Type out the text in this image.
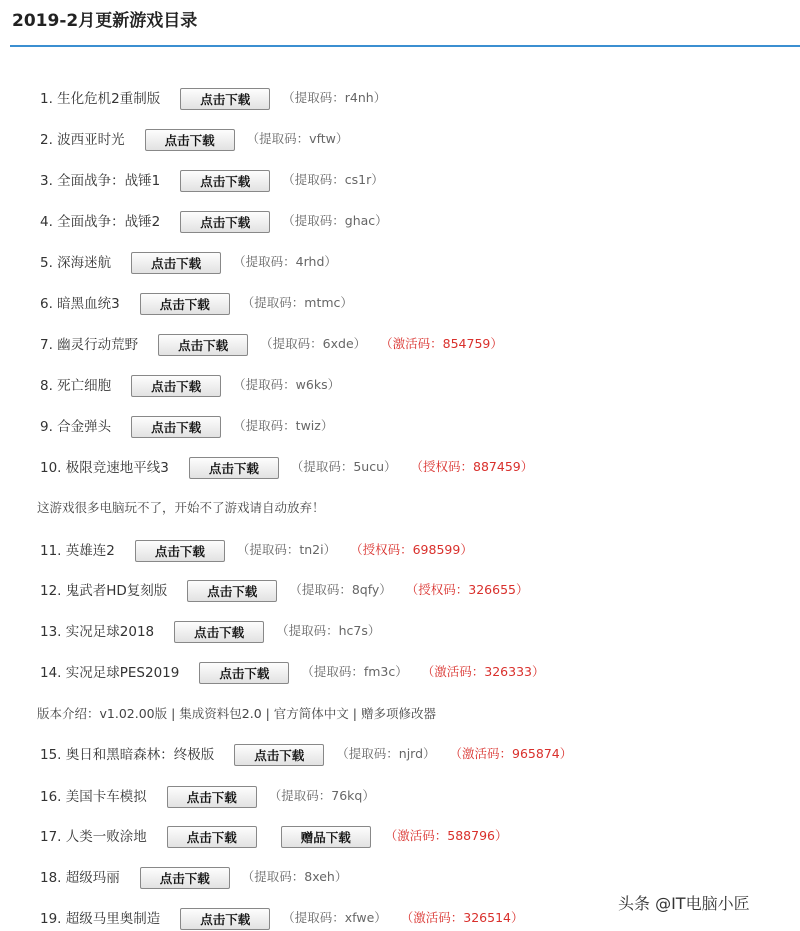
2019-2月更新游戏目录
1. 生化危机2重制版	点击下载	（提取码：r4nh）
2. 波西亚时光	点击下载	（提取码：vftw）
3. 全面战争：战锤1	点击下载	（提取码：cs1r）
4. 全面战争：战锤2	点击下载	（提取码：ghac）
5. 深海迷航	点击下载	（提取码：4rhd）
6. 暗黑血统3	点击下载	（提取码：mtmc）
7. 幽灵行动荒野	点击下载	（提取码：6xde） （激活码：854759）
8. 死亡细胞	点击下载	（提取码：w6ks）
9. 合金弹头	点击下载	（提取码：twiz）
10. 极限竞速地平线3	点击下载	（提取码：5ucu） （授权码：887459）
这游戏很多电脑玩不了，开始不了游戏请自动放弃！
11. 英雄连2	点击下载	（提取码：tn2i） （授权码：698599）
12. 鬼武者HD复刻版	点击下载	（提取码：8qfy） （授权码：326655）
13. 实况足球2018	点击下载	（提取码：hc7s）
14. 实况足球PES2019	点击下载	（提取码：fm3c） （激活码：326333）
版本介绍：v1.02.00版 | 集成资料包2.0 | 官方简体中文 | 赠多项修改器
15. 奥日和黑暗森林：终极版	点击下载	（提取码：njrd） （激活码：965874）
16. 美国卡车模拟	点击下载	（提取码：76kq）
17. 人类一败涂地	点击下载	赠品下载	（激活码：588796）
18. 超级玛丽	点击下载	（提取码：8xeh）
19. 超级马里奥制造	点击下载	（提取码：xfwe） （激活码：326514）
头条 @IT电脑小匠
